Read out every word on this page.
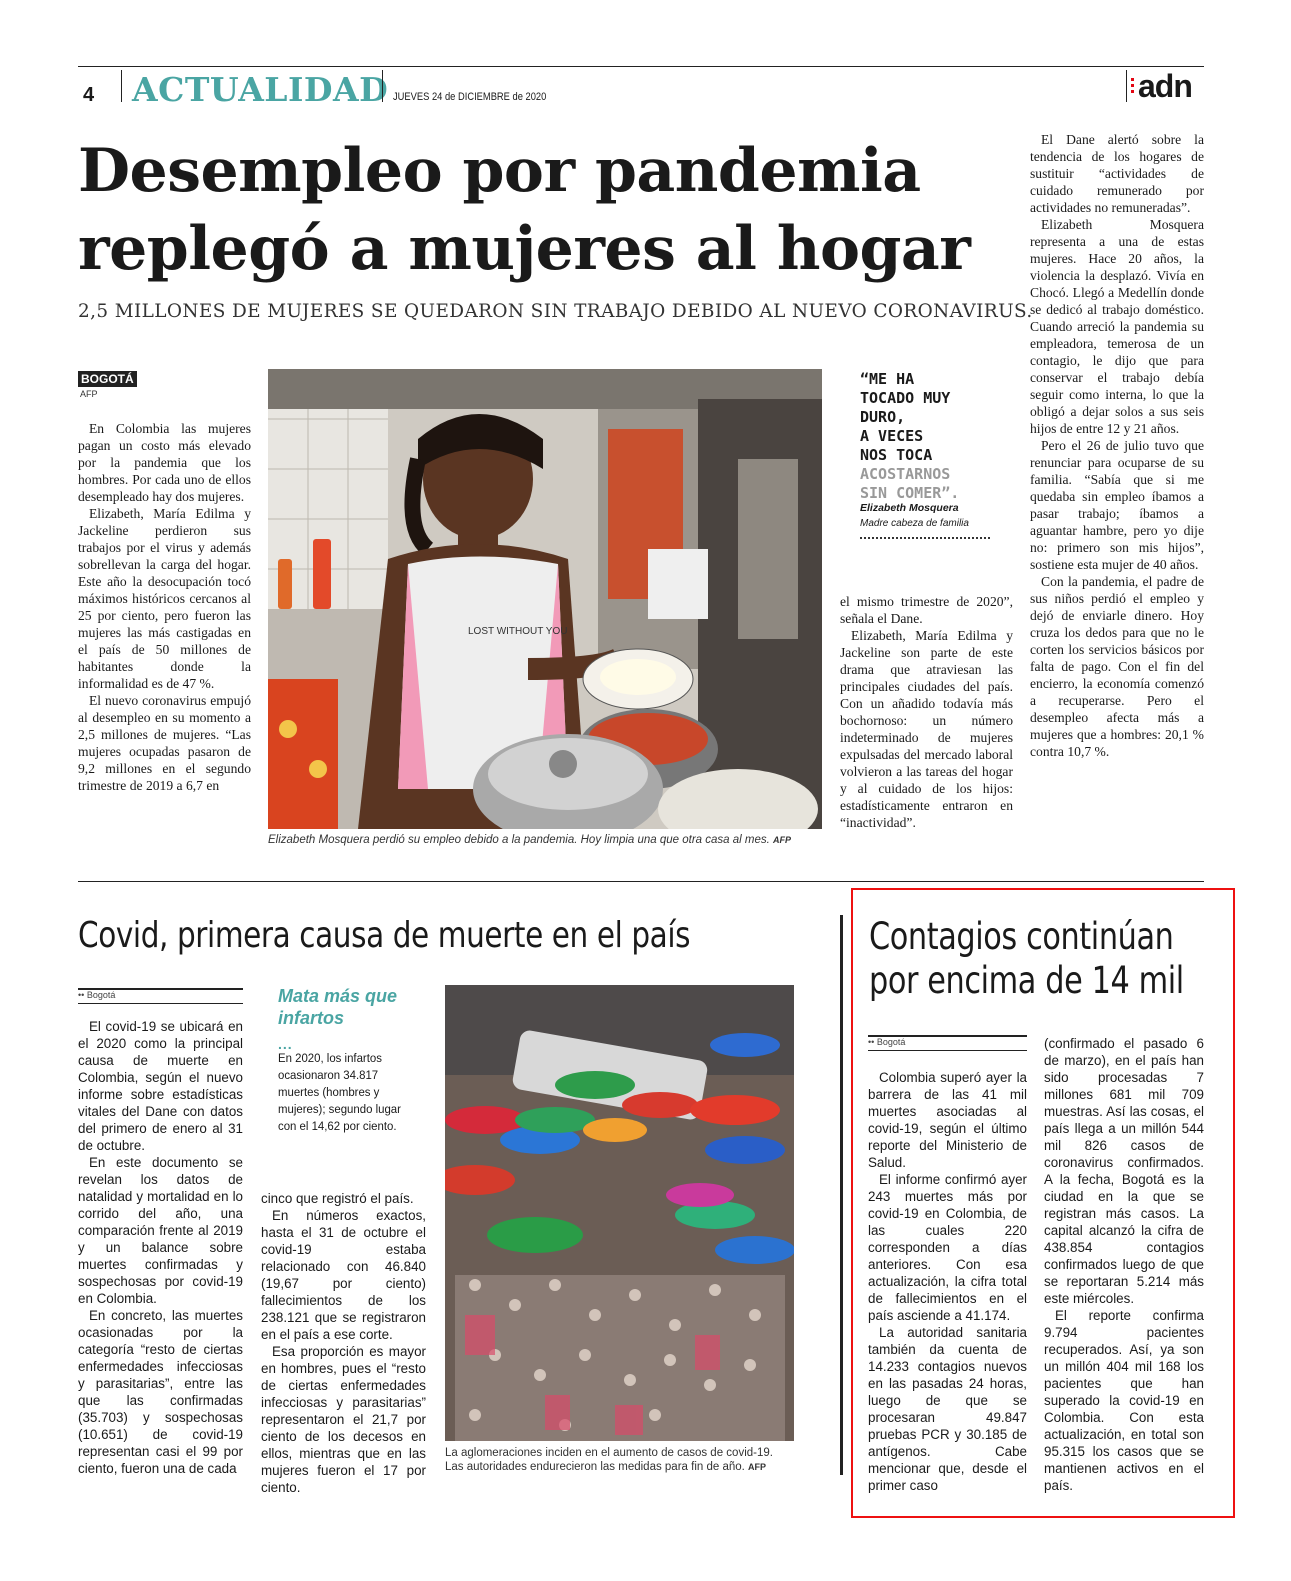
4 ACTUALIDAD JUEVES 24 de DICIEMBRE de 2020	adn
Desempleo por pandemia
replegó a mujeres al hogar
2,5 MILLONES DE MUJERES SE QUEDARON SIN TRABAJO DEBIDO AL NUEVO CORONAVIRUS.
BOGOTÁ
AFP

En Colombia las mujeres pagan un costo más elevado por la pandemia que los hombres. Por cada uno de ellos desempleado hay dos mujeres.

Elizabeth, María Edilma y Jackeline perdieron sus trabajos por el virus y además sobrellevan la carga del hogar. Este año la desocupación tocó máximos históricos cercanos al 25 por ciento, pero fueron las mujeres las más castigadas en el país de 50 millones de habitantes donde la informalidad es de 47 %.

El nuevo coronavirus empujó al desempleo en su momento a 2,5 millones de mujeres. “Las mujeres ocupadas pasaron de 9,2 millones en el segundo trimestre de 2019 a 6,7 en

LOST WITHOUT YOU
Elizabeth Mosquera perdió su empleo debido a la pandemia. Hoy limpia una que otra casa al mes. AFP
“ME HA
TOCADO MUY
DURO,
A VECES
NOS TOCA
ACOSTARNOS
SIN COMER”.
Elizabeth Mosquera
Madre cabeza de familia

el mismo trimestre de 2020”, señala el Dane.

Elizabeth, María Edilma y Jackeline son parte de este drama que atraviesan las principales ciudades del país. Con un añadido todavía más bochornoso: un número indeterminado de mujeres expulsadas del mercado laboral volvieron a las tareas del hogar y al cuidado de los hijos: estadísticamente entraron en “inactividad”.

El Dane alertó sobre la tendencia de los hogares de sustituir “actividades de cuidado remunerado por actividades no remuneradas”.

Elizabeth Mosquera representa a una de estas mujeres. Hace 20 años, la violencia la desplazó. Vivía en Chocó. Llegó a Medellín donde se dedicó al trabajo doméstico. Cuando arreció la pandemia su empleadora, temerosa de un contagio, le dijo que para conservar el trabajo debía seguir como interna, lo que la obligó a dejar solos a sus seis hijos de entre 12 y 21 años.

Pero el 26 de julio tuvo que renunciar para ocuparse de su familia. “Sabía que si me quedaba sin empleo íbamos a pasar trabajo; íbamos a aguantar hambre, pero yo dije no: primero son mis hijos”, sostiene esta mujer de 40 años.

Con la pandemia, el padre de sus niños perdió el empleo y dejó de enviarle dinero. Hoy cruza los dedos para que no le corten los servicios básicos por falta de pago. Con el fin del encierro, la economía comenzó a recuperarse. Pero el desempleo afecta más a mujeres que a hombres: 20,1 % contra 10,7 %.

Covid, primera causa de muerte en el país
•• Bogotá

El covid-19 se ubicará en el 2020 como la principal causa de muerte en Colombia, según el nuevo informe sobre estadísticas vitales del Dane con datos del primero de enero al 31 de octubre.

En este documento se revelan los datos de natalidad y mortalidad en lo corrido del año, una comparación frente al 2019 y un balance sobre muertes confirmadas y sospechosas por covid-19 en Colombia.

En concreto, las muertes ocasionadas por la categoría “resto de ciertas enfermedades infecciosas y parasitarias”, entre las que las confirmadas (35.703) y sospechosas (10.651) de covid-19 representan casi el 99 por ciento, fueron una de cada

Mata más que infartos
...
En 2020, los infartos ocasionaron 34.817 muertes (hombres y mujeres); segundo lugar con el 14,62 por ciento.

cinco que registró el país.

En números exactos, hasta el 31 de octubre el covid-19 estaba relacionado con 46.840 (19,67 por ciento) fallecimientos de los 238.121 que se registraron en el país a ese corte.

Esa proporción es mayor en hombres, pues el “resto de ciertas enfermedades infecciosas y parasitarias” representaron el 21,7 por ciento de los decesos en ellos, mientras que en las mujeres fueron el 17 por ciento.

La aglomeraciones inciden en el aumento de casos de covid-19.
Las autoridades endurecieron las medidas para fin de año. AFP
Contagios continúan
por encima de 14 mil
•• Bogotá

Colombia superó ayer la barrera de las 41 mil muertes asociadas al covid-19, según el último reporte del Ministerio de Salud.

El informe confirmó ayer 243 muertes más por covid-19 en Colombia, de las cuales 220 corresponden a días anteriores. Con esa actualización, la cifra total de fallecimientos en el país asciende a 41.174.

La autoridad sanitaria también da cuenta de 14.233 contagios nuevos en las pasadas 24 horas, luego de que se procesaran 49.847 pruebas PCR y 30.185 de antígenos. Cabe mencionar que, desde el primer caso

(confirmado el pasado 6 de marzo), en el país han sido procesadas 7 millones 681 mil 709 muestras. Así las cosas, el país llega a un millón 544 mil 826 casos de coronavirus confirmados. A la fecha, Bogotá es la ciudad en la que se registran más casos. La capital alcanzó la cifra de 438.854 contagios confirmados luego de que se reportaran 5.214 más este miércoles.

El reporte confirma 9.794 pacientes recuperados. Así, ya son un millón 404 mil 168 los pacientes que han superado la covid-19 en Colombia. Con esta actualización, en total son 95.315 los casos que se mantienen activos en el país.
